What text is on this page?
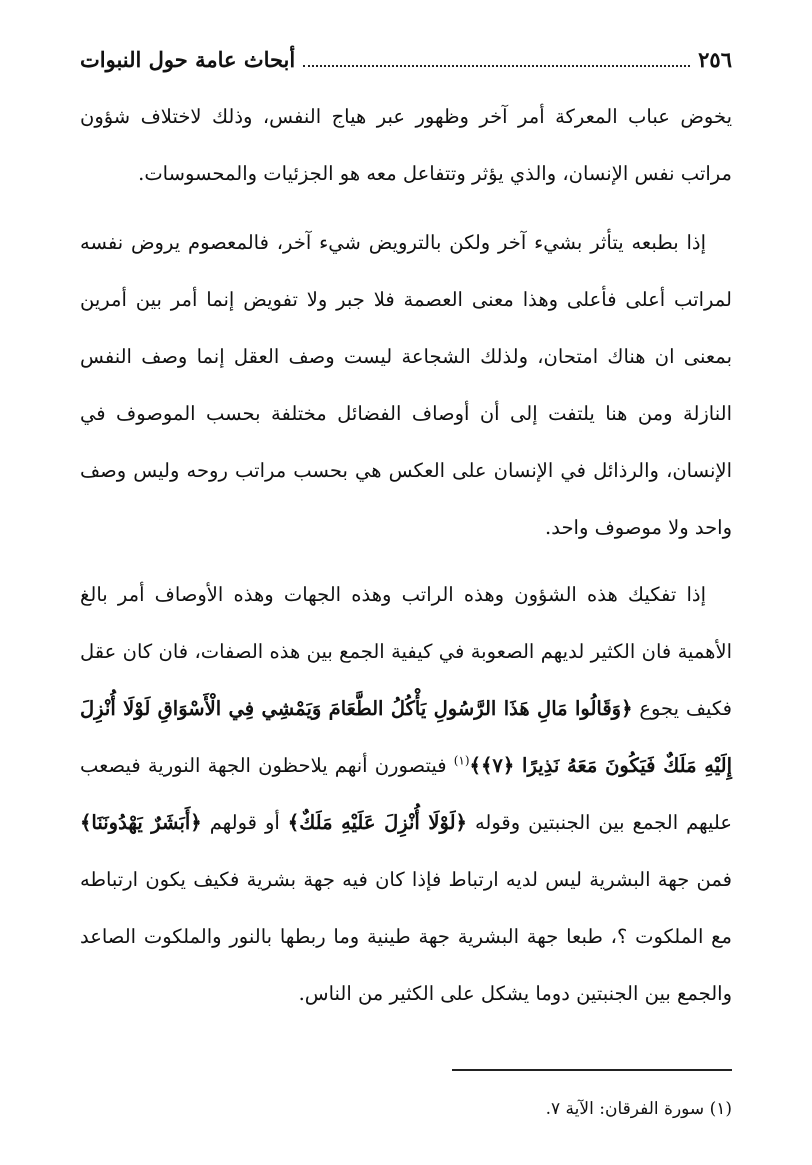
٢٥٦
أبحاث عامة حول النبوات

يخوض عباب المعركة أمر آخر وظهور عبر هياج النفس، وذلك لاختلاف شؤون مراتب نفس الإنسان، والذي يؤثر وتتفاعل معه هو الجزئيات والمحسوسات.

إذا بطبعه يتأثر بشيء آخر ولكن بالترويض شيء آخر، فالمعصوم يروض نفسه لمراتب أعلى فأعلى وهذا معنى العصمة فلا جبر ولا تفويض إنما أمر بين أمرين بمعنى ان هناك امتحان، ولذلك الشجاعة ليست وصف العقل إنما وصف النفس النازلة ومن هنا يلتفت إلى أن أوصاف الفضائل مختلفة بحسب الموصوف في الإنسان، والرذائل في الإنسان على العكس هي بحسب مراتب روحه وليس وصف واحد ولا موصوف واحد.

إذا تفكيك هذه الشؤون وهذه الراتب وهذه الجهات وهذه الأوصاف أمر بالغ الأهمية فان الكثير لديهم الصعوبة في كيفية الجمع بين هذه الصفات، فان كان عقل فكيف يجوع ﴿وَقَالُوا مَالِ هَذَا الرَّسُولِ يَأْكُلُ الطَّعَامَ وَيَمْشِي فِي الْأَسْوَاقِ لَوْلَا أُنْزِلَ إِلَيْهِ مَلَكٌ فَيَكُونَ مَعَهُ نَذِيرًا ﴿٧﴾﴾$^{(١)}$ فيتصورن أنهم يلاحظون الجهة النورية فيصعب عليهم الجمع بين الجنبتين وقوله ﴿لَوْلَا أُنْزِلَ عَلَيْهِ مَلَكٌ﴾ أو قولهم ﴿أَبَشَرٌ يَهْدُونَنَا﴾ فمن جهة البشرية ليس لديه ارتباط فإذا كان فيه جهة بشرية فكيف يكون ارتباطه مع الملكوت ؟، طبعا جهة البشرية جهة طينية وما ربطها بالنور والملكوت الصاعد والجمع بين الجنبتين دوما يشكل على الكثير من الناس.

(١) سورة الفرقان: الآية ٧.
